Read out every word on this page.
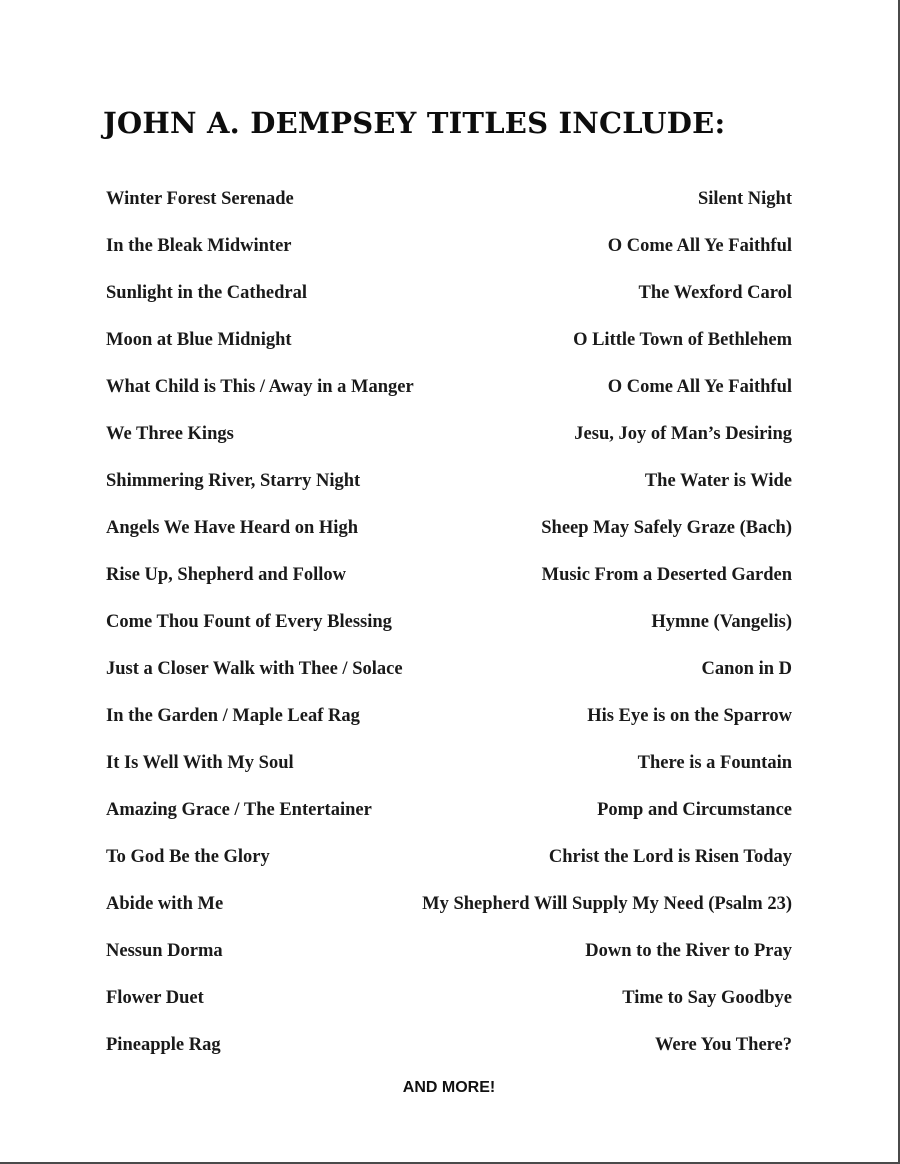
JOHN A. DEMPSEY TITLES INCLUDE:
Winter Forest Serenade	Silent Night
In the Bleak Midwinter	O Come All Ye Faithful
Sunlight in the Cathedral	The Wexford Carol
Moon at Blue Midnight	O Little Town of Bethlehem
What Child is This / Away in a Manger	O Come All Ye Faithful
We Three Kings	Jesu, Joy of Man’s Desiring
Shimmering River, Starry Night	The Water is Wide
Angels We Have Heard on High	Sheep May Safely Graze (Bach)
Rise Up, Shepherd and Follow	Music From a Deserted Garden
Come Thou Fount of Every Blessing	Hymne (Vangelis)
Just a Closer Walk with Thee / Solace	Canon in D
In the Garden / Maple Leaf Rag	His Eye is on the Sparrow
It Is Well With My Soul	There is a Fountain
Amazing Grace / The Entertainer	Pomp and Circumstance
To God Be the Glory	Christ the Lord is Risen Today
Abide with Me	My Shepherd Will Supply My Need (Psalm 23)
Nessun Dorma	Down to the River to Pray
Flower Duet	Time to Say Goodbye
Pineapple Rag	Were You There?
AND MORE!
